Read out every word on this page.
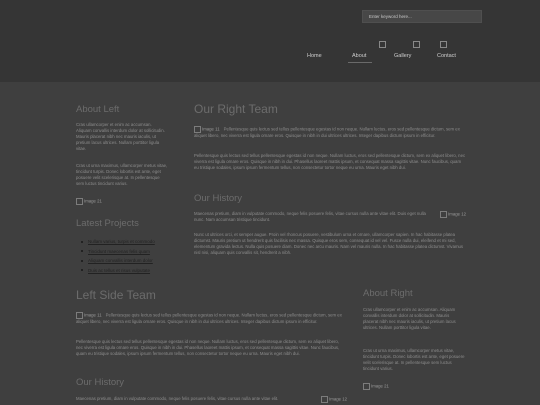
Enter keyword here...
Home	About	Gallery	Contact
About Left
Cras ullamcorper et enim ac accumsan. Aliquam convallis interdum dolor at sollicitudin. Mauris placerat nibh nec mauris iaculis, ut pretium lacus ultrices. Nullam porttitor ligula vitae.
Cras ut urna maximus, ullamcorper metus vitae, tincidunt turpis. Donec lobortis est ante, eget posuere velit scelerisque at. In pellentesque sem luctus tincidunt varius.
Image 21
Latest Projects
Nullam varius, turpis et commodo
Tincidunt maecenas felis quam
Aliquam convallis interdum dolor
Duis ac tellus et risus vulputate
Our Right Team
Image 11 Pellentesque quis lectus sed tellus pellentesque egestas id non neque. Nullam luctus, eros sed pellentesque dictum, sem ex aliquet libero, nec viverra est ligula ornare eros. Quisque in nibh in dui ultrices ultrices. Integer dapibus dictum ipsum in efficitur.
Pellentesque quis lectus sed tellus pellentesque egestas id non neque. Nullam luctus, eros sed pellentesque dictum, sem ex aliquet libero, nec viverra est ligula ornare eros. Quisque in nibh in dui. Phasellus laoreet mattis ipsum, et consequat massa sagittis vitae. Nunc faucibus, quam eu tristique sodales, ipsum ipsum fermentum tellus, non consectetur tortor neque eu urna. Mauris eget nibh dui.
Our History
Image 12
Maecenas pretium, diam in vulputate commodo, neque felis posuere felis, vitae cursus nulla ante vitae elit. Duis eget nulla nunc. Nam accumsan tristique tincidunt.
Nunc ut ultrices orci, et semper augue. Proin vel rhoncus posuere, vestibulum urna et ornare, ullamcorper sapien. In hac habitasse platea dictumst. Mauris pretium ut hendrerit quis facilisis nec massa. Quisque eros sem, consequat id vel vel. Fusce nulla dui, eleifend et mi sed, elementum gravida lectus. Nulla quis posuere diam. Donec nec arcu mauris. Nam vel mauris nulla. In hac habitasse platea dictumst. Vivamus nisl nisi, aliquam quis convallis sit, hendrerit a nibh.
Left Side Team
Image 11 Pellentesque quis lectus sed tellus pellentesque egestas id non neque. Nullam luctus, eros sed pellentesque dictum, sem ex aliquet libero, nec viverra est ligula ornare eros. Quisque in nibh in dui ultrices ultrices. Integer dapibus dictum ipsum in efficitur.
Pellentesque quis lectus sed tellus pellentesque egestas id non neque. Nullam luctus, eros sed pellentesque dictum, sem ex aliquet libero, nec viverra est ligula ornare eros. Quisque in nibh in dui. Phasellus laoreet mattis ipsum, et consequat massa sagittis vitae. Nunc faucibus, quam eu tristique sodales, ipsum ipsum fermentum tellus, non consectetur tortor neque eu urna. Mauris eget nibh dui.
Our History
Image 12
Maecenas pretium, diam in vulputate commodo, neque felis posuere felis, vitae cursus nulla ante vitae elit.
About Right
Cras ullamcorper et enim ac accumsan. Aliquam convallis interdum dolor at sollicitudin. Mauris placerat nibh nec mauris iaculis, ut pretium lacus ultrices. Nullam porttitor ligula vitae.
Cras ut urna maximus, ullamcorper metus vitae, tincidunt turpis. Donec lobortis est ante, eget posuere velit scelerisque at. In pellentesque sem luctus tincidunt varius.
Image 21
